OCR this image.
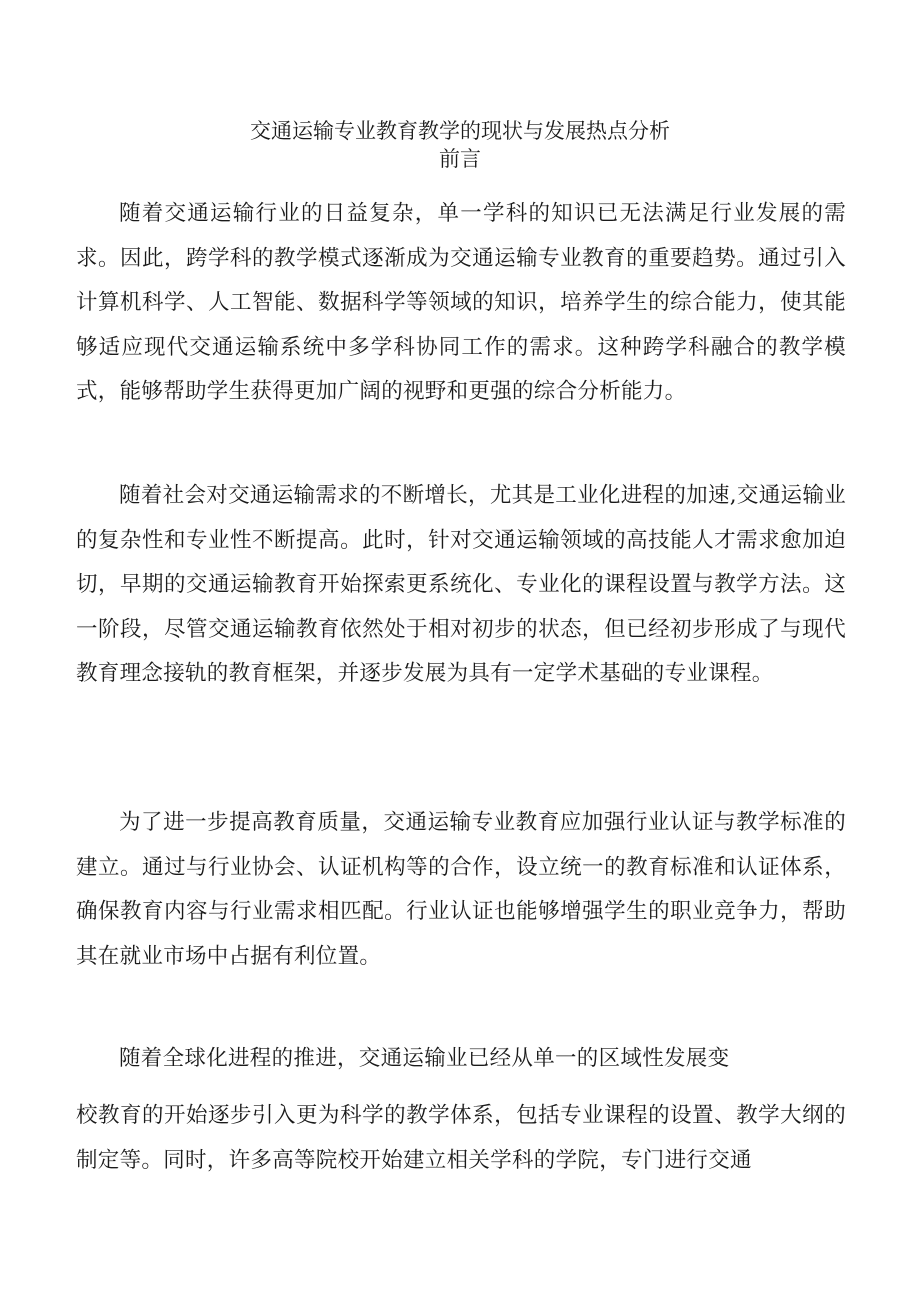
交通运输专业教育教学的现状与发展热点分析
前言

随着交通运输行业的日益复杂，单一学科的知识已无法满足行业发展的需求。因此，跨学科的教学模式逐渐成为交通运输专业教育的重要趋势。通过引入计算机科学、人工智能、数据科学等领域的知识，培养学生的综合能力，使其能够适应现代交通运输系统中多学科协同工作的需求。这种跨学科融合的教学模式，能够帮助学生获得更加广阔的视野和更强的综合分析能力。

随着社会对交通运输需求的不断增长，尤其是工业化进程的加速,交通运输业的复杂性和专业性不断提高。此时，针对交通运输领域的高技能人才需求愈加迫切，早期的交通运输教育开始探索更系统化、专业化的课程设置与教学方法。这一阶段，尽管交通运输教育依然处于相对初步的状态，但已经初步形成了与现代教育理念接轨的教育框架，并逐步发展为具有一定学术基础的专业课程。

为了进一步提高教育质量，交通运输专业教育应加强行业认证与教学标准的建立。通过与行业协会、认证机构等的合作，设立统一的教育标准和认证体系，确保教育内容与行业需求相匹配。行业认证也能够增强学生的职业竞争力，帮助其在就业市场中占据有利位置。

随着全球化进程的推进，交通运输业已经从单一的区域性发展变

校教育的开始逐步引入更为科学的教学体系，包括专业课程的设置、教学大纲的制定等。同时，许多高等院校开始建立相关学科的学院，专门进行交通
